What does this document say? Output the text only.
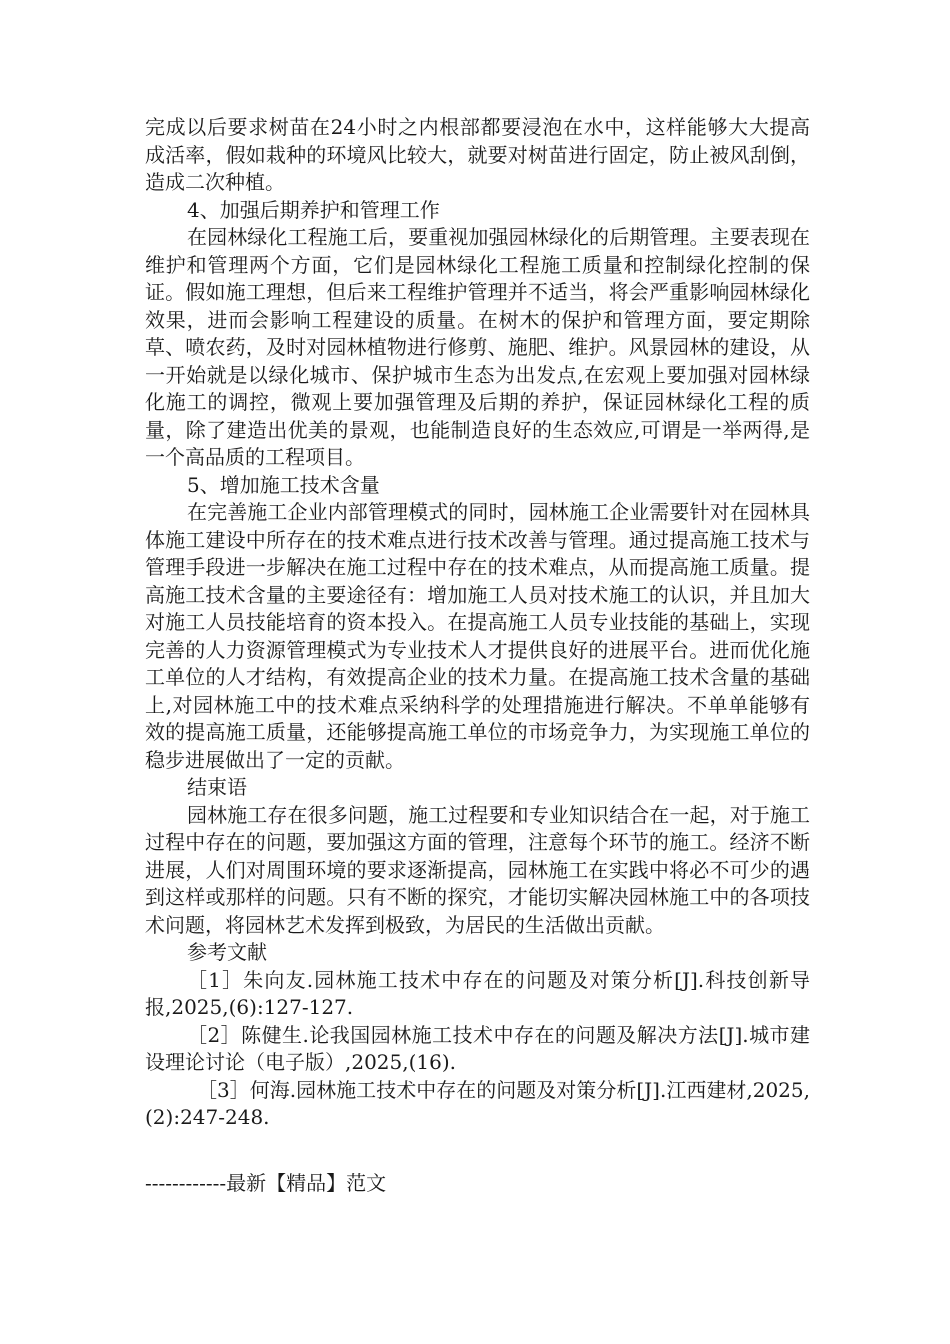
完成以后要求树苗在24小时之内根部都要浸泡在水中，这样能够大大提高成活率，假如栽种的环境风比较大，就要对树苗进行固定，防止被风刮倒，造成二次种植。

4、加强后期养护和管理工作

在园林绿化工程施工后，要重视加强园林绿化的后期管理。主要表现在维护和管理两个方面，它们是园林绿化工程施工质量和控制绿化控制的保证。假如施工理想，但后来工程维护管理并不适当，将会严重影响园林绿化效果，进而会影响工程建设的质量。在树木的保护和管理方面，要定期除草、喷农药，及时对园林植物进行修剪、施肥、维护。风景园林的建设，从一开始就是以绿化城市、保护城市生态为出发点,在宏观上要加强对园林绿化施工的调控，微观上要加强管理及后期的养护，保证园林绿化工程的质量，除了建造出优美的景观，也能制造良好的生态效应,可谓是一举两得,是一个高品质的工程项目。

5、增加施工技术含量

在完善施工企业内部管理模式的同时，园林施工企业需要针对在园林具体施工建设中所存在的技术难点进行技术改善与管理。通过提高施工技术与管理手段进一步解决在施工过程中存在的技术难点，从而提高施工质量。提高施工技术含量的主要途径有：增加施工人员对技术施工的认识，并且加大对施工人员技能培育的资本投入。在提高施工人员专业技能的基础上，实现完善的人力资源管理模式为专业技术人才提供良好的进展平台。进而优化施工单位的人才结构，有效提高企业的技术力量。在提高施工技术含量的基础上,对园林施工中的技术难点采纳科学的处理措施进行解决。不单单能够有效的提高施工质量，还能够提高施工单位的市场竞争力，为实现施工单位的稳步进展做出了一定的贡献。

结束语

园林施工存在很多问题，施工过程要和专业知识结合在一起，对于施工过程中存在的问题，要加强这方面的管理，注意每个环节的施工。经济不断进展，人们对周围环境的要求逐渐提高，园林施工在实践中将必不可少的遇到这样或那样的问题。只有不断的探究，才能切实解决园林施工中的各项技术问题，将园林艺术发挥到极致，为居民的生活做出贡献。

参考文献

［1］朱向友.园林施工技术中存在的问题及对策分析[J].科技创新导报,2025,(6):127-127.

［2］陈健生.论我国园林施工技术中存在的问题及解决方法[J].城市建设理论讨论（电子版）,2025,(16).

［3］何海.园林施工技术中存在的问题及对策分析[J].江西建材,2025,(2):247-248.

------------最新【精品】范文
